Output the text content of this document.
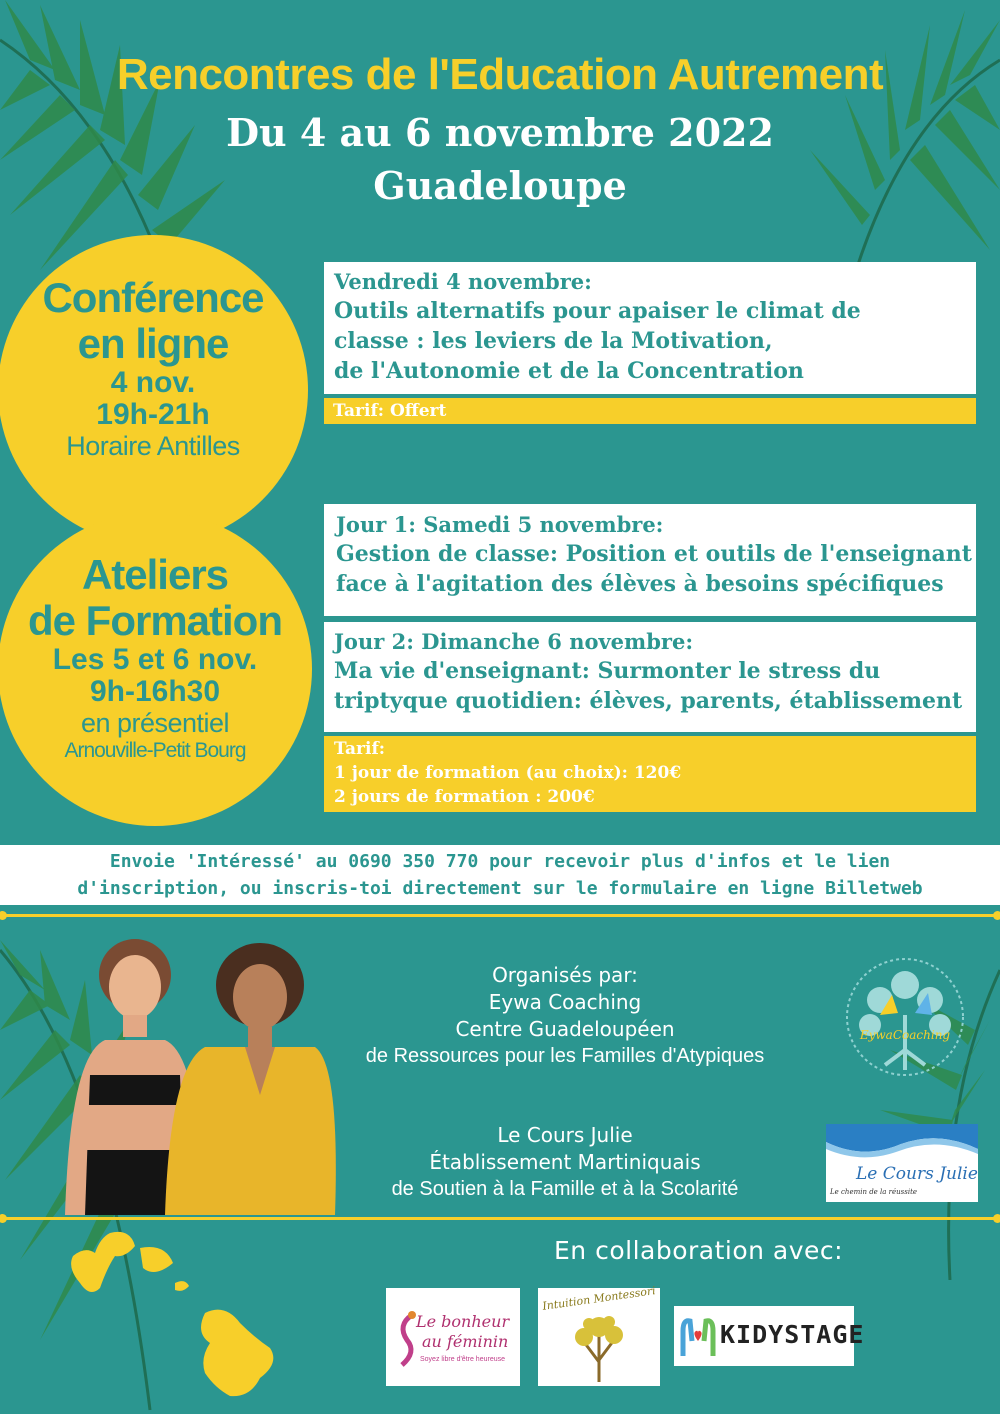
Rencontres de l'Education Autrement
Du 4 au 6 novembre 2022
Guadeloupe
Conférence
en ligne
4 nov.
19h-21h
Horaire Antilles
Ateliers
de Formation
Les 5 et 6 nov.
9h-16h30
en présentiel
Arnouville-Petit Bourg
Vendredi 4 novembre:
Outils alternatifs pour apaiser le climat de
classe : les leviers de la Motivation,
de l'Autonomie et de la Concentration
Tarif: Offert
Jour 1: Samedi 5 novembre:
Gestion de classe: Position et outils de l'enseignant
face à l'agitation des élèves à besoins spécifiques
Jour 2: Dimanche 6 novembre:
Ma vie d'enseignant: Surmonter le stress du
triptyque quotidien: élèves, parents, établissement
Tarif:
1 jour de formation (au choix): 120€
2 jours de formation : 200€
Envoie 'Intéressé' au 0690 350 770 pour recevoir plus d'infos et le lien
d'inscription, ou inscris-toi directement sur le formulaire en ligne Billetweb
Organisés par:
Eywa Coaching
Centre Guadeloupéen
de Ressources pour les Familles d'Atypiques
Le Cours Julie
Établissement Martiniquais
de Soutien à la Famille et à la Scolarité
EywaCoaching
Le Cours Julie
Le chemin de la réussite
En collaboration avec:
Le bonheur
au féminin
Soyez libre d'être heureuse
Intuition Montessori
KIDYSTAGE
